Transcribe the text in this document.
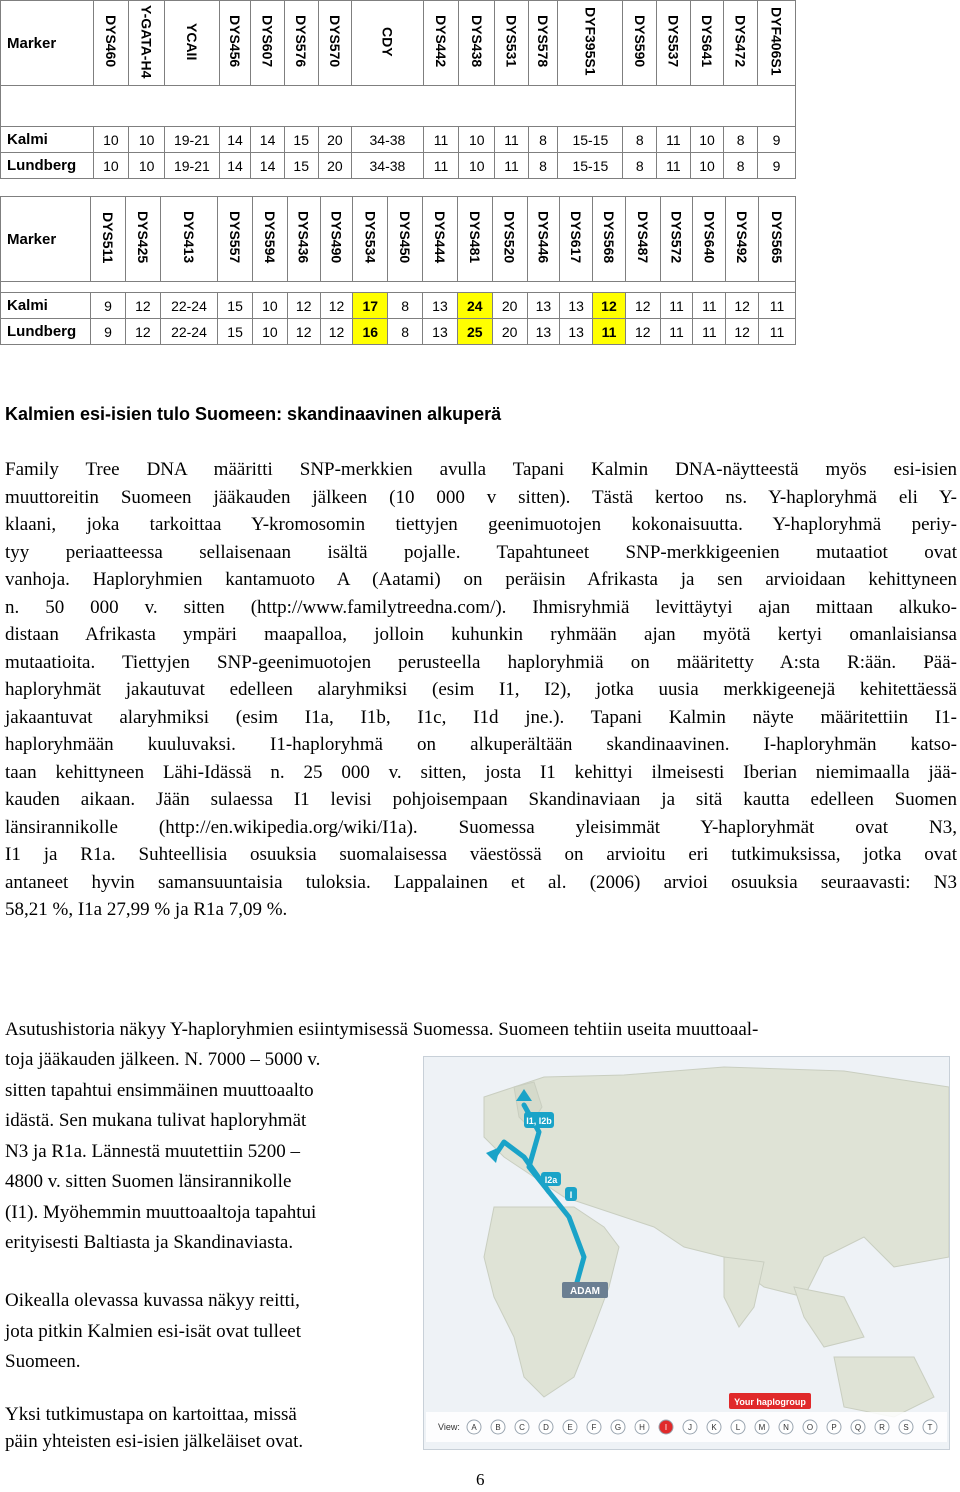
Marker	DYS460	Y-GATA-H4	YCAII	DYS456	DYS607	DYS576	DYS570	CDY	DYS442	DYS438	DYS531	DYS578	DYF395S1	DYS590	DYS537	DYS641	DYS472	DYF406S1

Kalmi	10	10	19-21	14	14	15	20	34-38	11	10	11	8	15-15	8	11	10	8	9
Lundberg	10	10	19-21	14	14	15	20	34-38	11	10	11	8	15-15	8	11	10	8	9
Marker	DYS511	DYS425	DYS413	DYS557	DYS594	DYS436	DYS490	DYS534	DYS450	DYS444	DYS481	DYS520	DYS446	DYS617	DYS568	DYS487	DYS572	DYS640	DYS492	DYS565

Kalmi	9	12	22-24	15	10	12	12	17	8	13	24	20	13	13	12	12	11	11	12	11
Lundberg	9	12	22-24	15	10	12	12	16	8	13	25	20	13	13	11	12	11	11	12	11
Kalmien esi-isien tulo Suomeen: skandinaavinen alkuperä
Family Tree DNA määritti SNP-merkkien avulla Tapani Kalmin DNA-näytteestä myös esi-isien
muuttoreitin Suomeen jääkauden jälkeen (10 000 v sitten). Tästä kertoo ns. Y-haploryhmä eli Y-
klaani, joka tarkoittaa Y-kromosomin tiettyjen geenimuotojen kokonaisuutta. Y-haploryhmä periy-
tyy periaatteessa sellaisenaan isältä pojalle. Tapahtuneet SNP-merkkigeenien mutaatiot ovat
vanhoja. Haploryhmien kantamuoto A (Aatami) on peräisin Afrikasta ja sen arvioidaan kehittyneen
n. 50 000 v. sitten (http://www.familytreedna.com/). Ihmisryhmiä levittäytyi ajan mittaan alkuko-
distaan Afrikasta ympäri maapalloa, jolloin kuhunkin ryhmään ajan myötä kertyi omanlaisiansa
mutaatioita. Tiettyjen SNP-geenimuotojen perusteella haploryhmiä on määritetty A:sta R:ään. Pää-
haploryhmät jakautuvat edelleen alaryhmiksi (esim I1, I2), jotka uusia merkkigeenejä kehitettäessä
jakaantuvat alaryhmiksi (esim I1a, I1b, I1c, I1d jne.). Tapani Kalmin näyte määritettiin I1-
haploryhmään kuuluvaksi. I1-haploryhmä on alkuperältään skandinaavinen. I-haploryhmän katso-
taan kehittyneen Lähi-Idässä n. 25 000 v. sitten, josta I1 kehittyi ilmeisesti Iberian niemimaalla jää-
kauden aikaan. Jään sulaessa I1 levisi pohjoisempaan Skandinaviaan ja sitä kautta edelleen Suomen
länsirannikolle (http://en.wikipedia.org/wiki/I1a). Suomessa yleisimmät Y-haploryhmät ovat N3,
I1 ja R1a. Suhteellisia osuuksia suomalaisessa väestössä on arvioitu eri tutkimuksissa, jotka ovat
antaneet hyvin samansuuntaisia tuloksia. Lappalainen et al. (2006) arvioi osuuksia seuraavasti: N3
58,21 %, I1a 27,99 % ja R1a 7,09 %.
Asutushistoria näkyy Y-haploryhmien esiintymisessä Suomessa. Suomeen tehtiin useita muuttoaal-
toja jääkauden jälkeen. N. 7000 – 5000 v.
sitten tapahtui ensimmäinen muuttoaalto
idästä. Sen mukana tulivat haploryhmät
N3 ja R1a. Lännestä muutettiin 5200 –
4800 v. sitten Suomen länsirannikolle
(I1). Myöhemmin muuttoaaltoja tapahtui
erityisesti Baltiasta ja Skandinaviasta.
Oikealla olevassa kuvassa näkyy reitti,
jota pitkin Kalmien esi-isät ovat tulleet
Suomeen.
Yksi tutkimustapa on kartoittaa, missä
päin yhteisten esi-isien jälkeläiset ovat.
I1, I2b
I2a
I
ADAM
Your haplogroup
View: A B C D E F G H I	J K L M N O P Q R S T
6
